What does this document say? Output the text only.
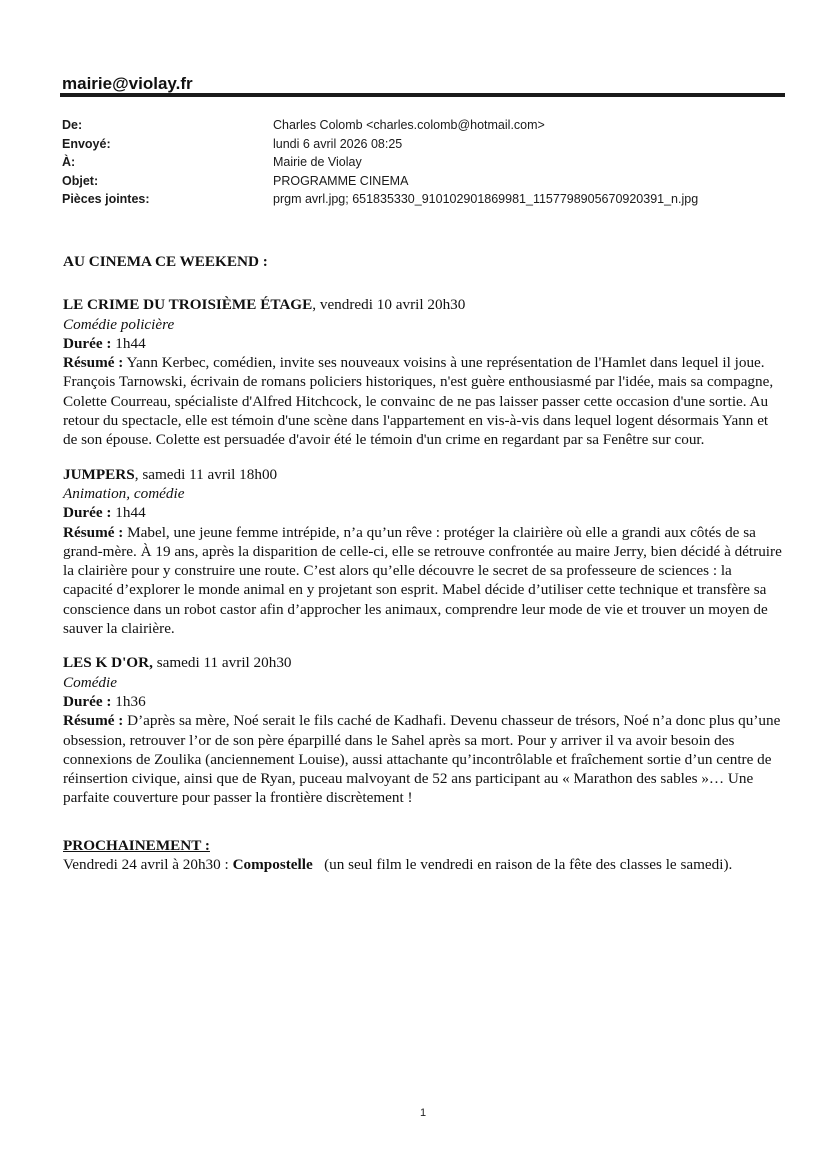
mairie@violay.fr
De:	Charles Colomb <charles.colomb@hotmail.com>
Envoyé:	lundi 6 avril 2026 08:25
À:	Mairie de Violay
Objet:	PROGRAMME CINEMA
Pièces jointes:	prgm avrl.jpg; 651835330_910102901869981_1157798905670920391_n.jpg

AU CINEMA CE WEEKEND :

LE CRIME DU TROISIÈME ÉTAGE, vendredi 10 avril 20h30

Comédie policière

Durée : 1h44

Résumé : Yann Kerbec, comédien, invite ses nouveaux voisins à une représentation de l'Hamlet dans lequel il joue. François Tarnowski, écrivain de romans policiers historiques, n'est guère enthousiasmé par l'idée, mais sa compagne, Colette Courreau, spécialiste d'Alfred Hitchcock, le convainc de ne pas laisser passer cette occasion d'une sortie. Au retour du spectacle, elle est témoin d'une scène dans l'appartement en vis-à-vis dans lequel logent désormais Yann et de son épouse. Colette est persuadée d'avoir été le témoin d'un crime en regardant par sa Fenêtre sur cour.

JUMPERS, samedi 11 avril 18h00

Animation, comédie

Durée : 1h44

Résumé : Mabel, une jeune femme intrépide, n’a qu’un rêve : protéger la clairière où elle a grandi aux côtés de sa grand-mère. À 19 ans, après la disparition de celle-ci, elle se retrouve confrontée au maire Jerry, bien décidé à détruire la clairière pour y construire une route. C’est alors qu’elle découvre le secret de sa professeure de sciences : la capacité d’explorer le monde animal en y projetant son esprit. Mabel décide d’utiliser cette technique et transfère sa conscience dans un robot castor afin d’approcher les animaux, comprendre leur mode de vie et trouver un moyen de sauver la clairière.

LES K D'OR, samedi 11 avril 20h30

Comédie

Durée : 1h36

Résumé : D’après sa mère, Noé serait le fils caché de Kadhafi. Devenu chasseur de trésors, Noé n’a donc plus qu’une obsession, retrouver l’or de son père éparpillé dans le Sahel après sa mort. Pour y arriver il va avoir besoin des connexions de Zoulika (anciennement Louise), aussi attachante qu’incontrôlable et fraîchement sortie d’un centre de réinsertion civique, ainsi que de Ryan, puceau malvoyant de 52 ans participant au « Marathon des sables »… Une parfaite couverture pour passer la frontière discrètement !

PROCHAINEMENT :

Vendredi 24 avril à 20h30 : Compostelle   (un seul film le vendredi en raison de la fête des classes le samedi).

1
